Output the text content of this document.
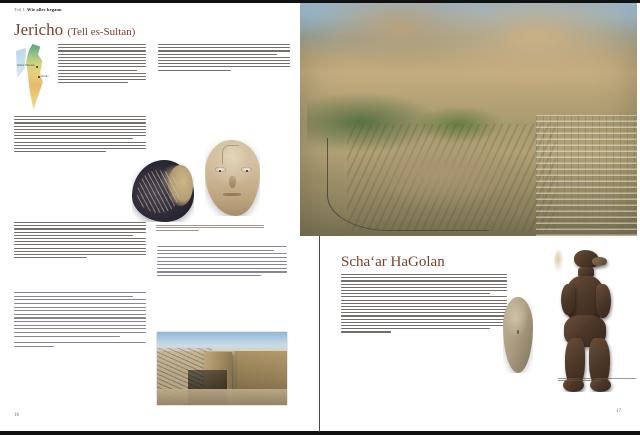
Teil I: Wie alles begann
Jericho (Tell es-Sultan)
Scha'ar HaGolan
Jericho
16
Scha‘ar HaGolan
17
